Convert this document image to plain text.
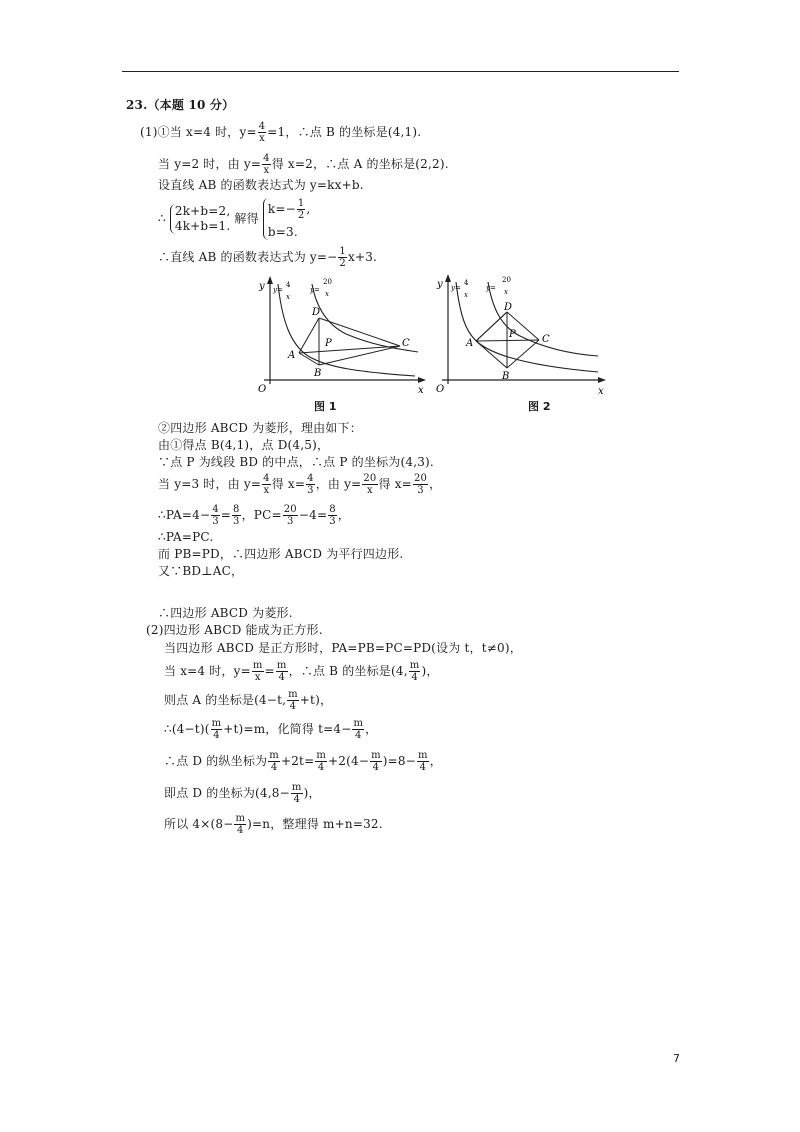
23.（本题 10 分）
(1)①当 x=4 时，$y= \frac{4}{x} =1$，∴点 B 的坐标是(4,1).
当 y=2 时，由 $y= \frac{4}{x}$ 得 x=2，∴点 A 的坐标是(2,2).
设直线 AB 的函数表达式为 y=kx+b.
∴
2k+b=2,
4k+b=1.
解得
$k=- \frac{1}{2}$ ,
b=3.
∴直线 AB 的函数表达式为 $y=- \frac{1}{2} x+3$.
y
x
O
y=
4
x
y=
20
x
A
B
C
D
P
图 1
y
x
O
y=
4
x
y=
20
x
A
B
C
D
P
图 2
②四边形 ABCD 为菱形，理由如下：
由①得点 B(4,1)，点 D(4,5)，
∵点 P 为线段 BD 的中点，∴点 P 的坐标为(4,3).
当 y=3 时，由 $y= \frac{4}{x}$ 得 $x= \frac{4}{3}$ ，由 $y= \frac{20}{x}$ 得 $x= \frac{20}{3}$ ，
∴PA=4− $\frac{4}{3} = \frac{8}{3}$ ，$PC= \frac{20}{3} -4= \frac{8}{3}$ ，
∴PA=PC.
而 PB=PD，∴四边形 ABCD 为平行四边形.
又∵BD⊥AC，
∴四边形 ABCD 为菱形.
(2)四边形 ABCD 能成为正方形.
当四边形 ABCD 是正方形时，PA=PB=PC=PD(设为 t，t≠0)，
当 x=4 时，$y= \frac{m}{x} = \frac{m}{4}$ ，∴点 B 的坐标是(4, $\frac{m}{4}$ )，
则点 A 的坐标是(4−t, $\frac{m}{4} +t$)，
∴(4−t)( $\frac{m}{4} +t)=m$，化简得 $t=4- \frac{m}{4}$ ，
∴点 D 的纵坐标为 $\frac{m}{4} +2t= \frac{m}{4} +2(4- \frac{m}{4} )=8- \frac{m}{4}$ ，
即点 D 的坐标为($4,8- \frac{m}{4}$ )，
所以 $4\times(8- \frac{m}{4} )=n$，整理得 m+n=32.
7
